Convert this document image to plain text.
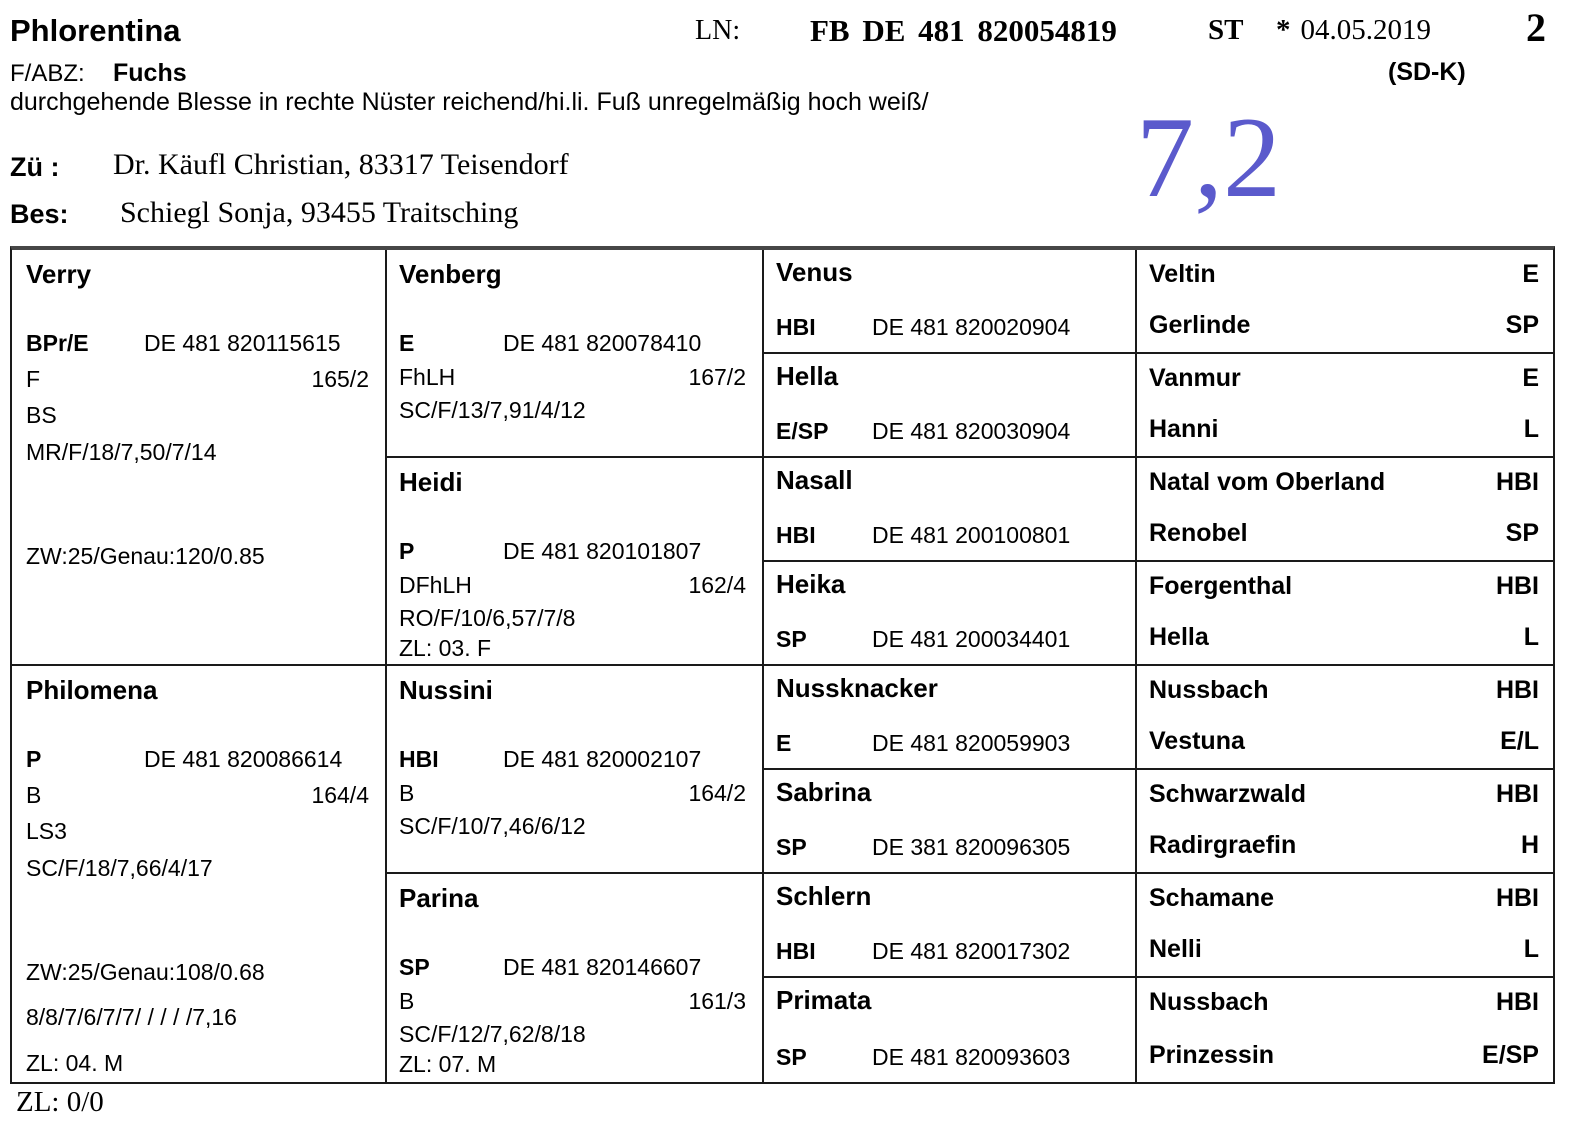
Phlorentina	LN: FB DE 481 820054819	ST * 04.05.2019 2
F/ABZ: Fuchs	(SD-K)
durchgehende Blesse in rechte Nüster reichend/hi.li. Fuß unregelmäßig hoch weiß/ 7,2
Zü : Dr. Käufl Christian, 83317 Teisendorf
Bes: Schiegl Sonja, 93455 Traitsching
Verry
BPr/E	DE 481 820115615
F	165/2
BS
MR/F/18/7,50/7/14
ZW:25/Genau:120/0.85
Philomena
P	DE 481 820086614
B	164/4
LS3
SC/F/18/7,66/4/17
ZW:25/Genau:108/0.68
8/8/7/6/7/7/ / / / /7,16
ZL: 04. M
Venberg
E	DE 481 820078410
FhLH	167/2
SC/F/13/7,91/4/12
Heidi
P	DE 481 820101807
DFhLH	162/4
RO/F/10/6,57/7/8
ZL: 03. F
Nussini
HBI	DE 481 820002107
B	164/2
SC/F/10/7,46/6/12
Parina
SP	DE 481 820146607
B	161/3
SC/F/12/7,62/8/18
ZL: 07. M
Venus
HBI	DE 481 820020904
Hella
E/SP	DE 481 820030904
Nasall
HBI	DE 481 200100801
Heika
SP	DE 481 200034401
Nussknacker
E	DE 481 820059903
Sabrina
SP	DE 381 820096305
Schlern
HBI	DE 481 820017302
Primata
SP	DE 481 820093603
Veltin	E
Gerlinde	SP
Vanmur	E
Hanni	L
Natal vom Oberland	HBI
Renobel	SP
Foergenthal	HBI
Hella	L
Nussbach	HBI
Vestuna	E/L
Schwarzwald	HBI
Radirgraefin	H
Schamane	HBI
Nelli	L
Nussbach	HBI
Prinzessin	E/SP
ZL: 0/0
